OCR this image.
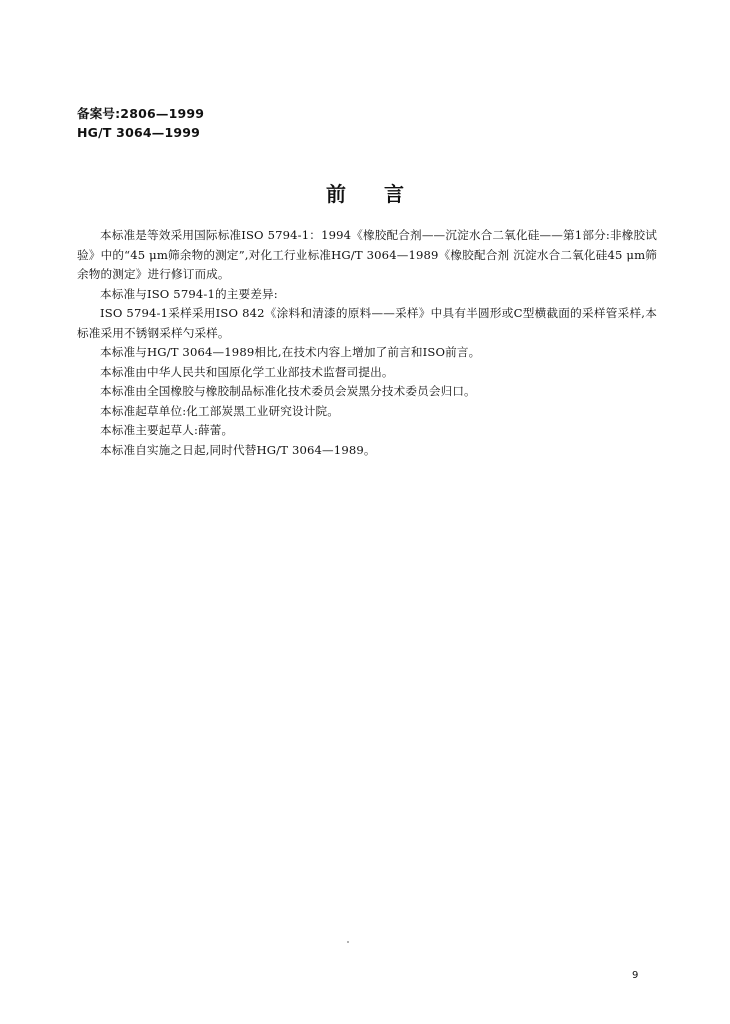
备案号:2806—1999
HG/T 3064—1999
前言

本标准是等效采用国际标准ISO 5794-1：1994《橡胶配合剂——沉淀水合二氧化硅——第1部分:非橡胶试验》中的“45 μm筛余物的测定”,对化工行业标准HG/T 3064—1989《橡胶配合剂 沉淀水合二氧化硅45 μm筛余物的测定》进行修订而成。

本标准与ISO 5794-1的主要差异:

ISO 5794-1采样采用ISO 842《涂料和清漆的原料——采样》中具有半圆形或C型横截面的采样管采样,本标准采用不锈钢采样勺采样。

本标准与HG/T 3064—1989相比,在技术内容上增加了前言和ISO前言。

本标准由中华人民共和国原化学工业部技术监督司提出。

本标准由全国橡胶与橡胶制品标准化技术委员会炭黑分技术委员会归口。

本标准起草单位:化工部炭黑工业研究设计院。

本标准主要起草人:薛蕾。

本标准自实施之日起,同时代替HG/T 3064—1989。

9
